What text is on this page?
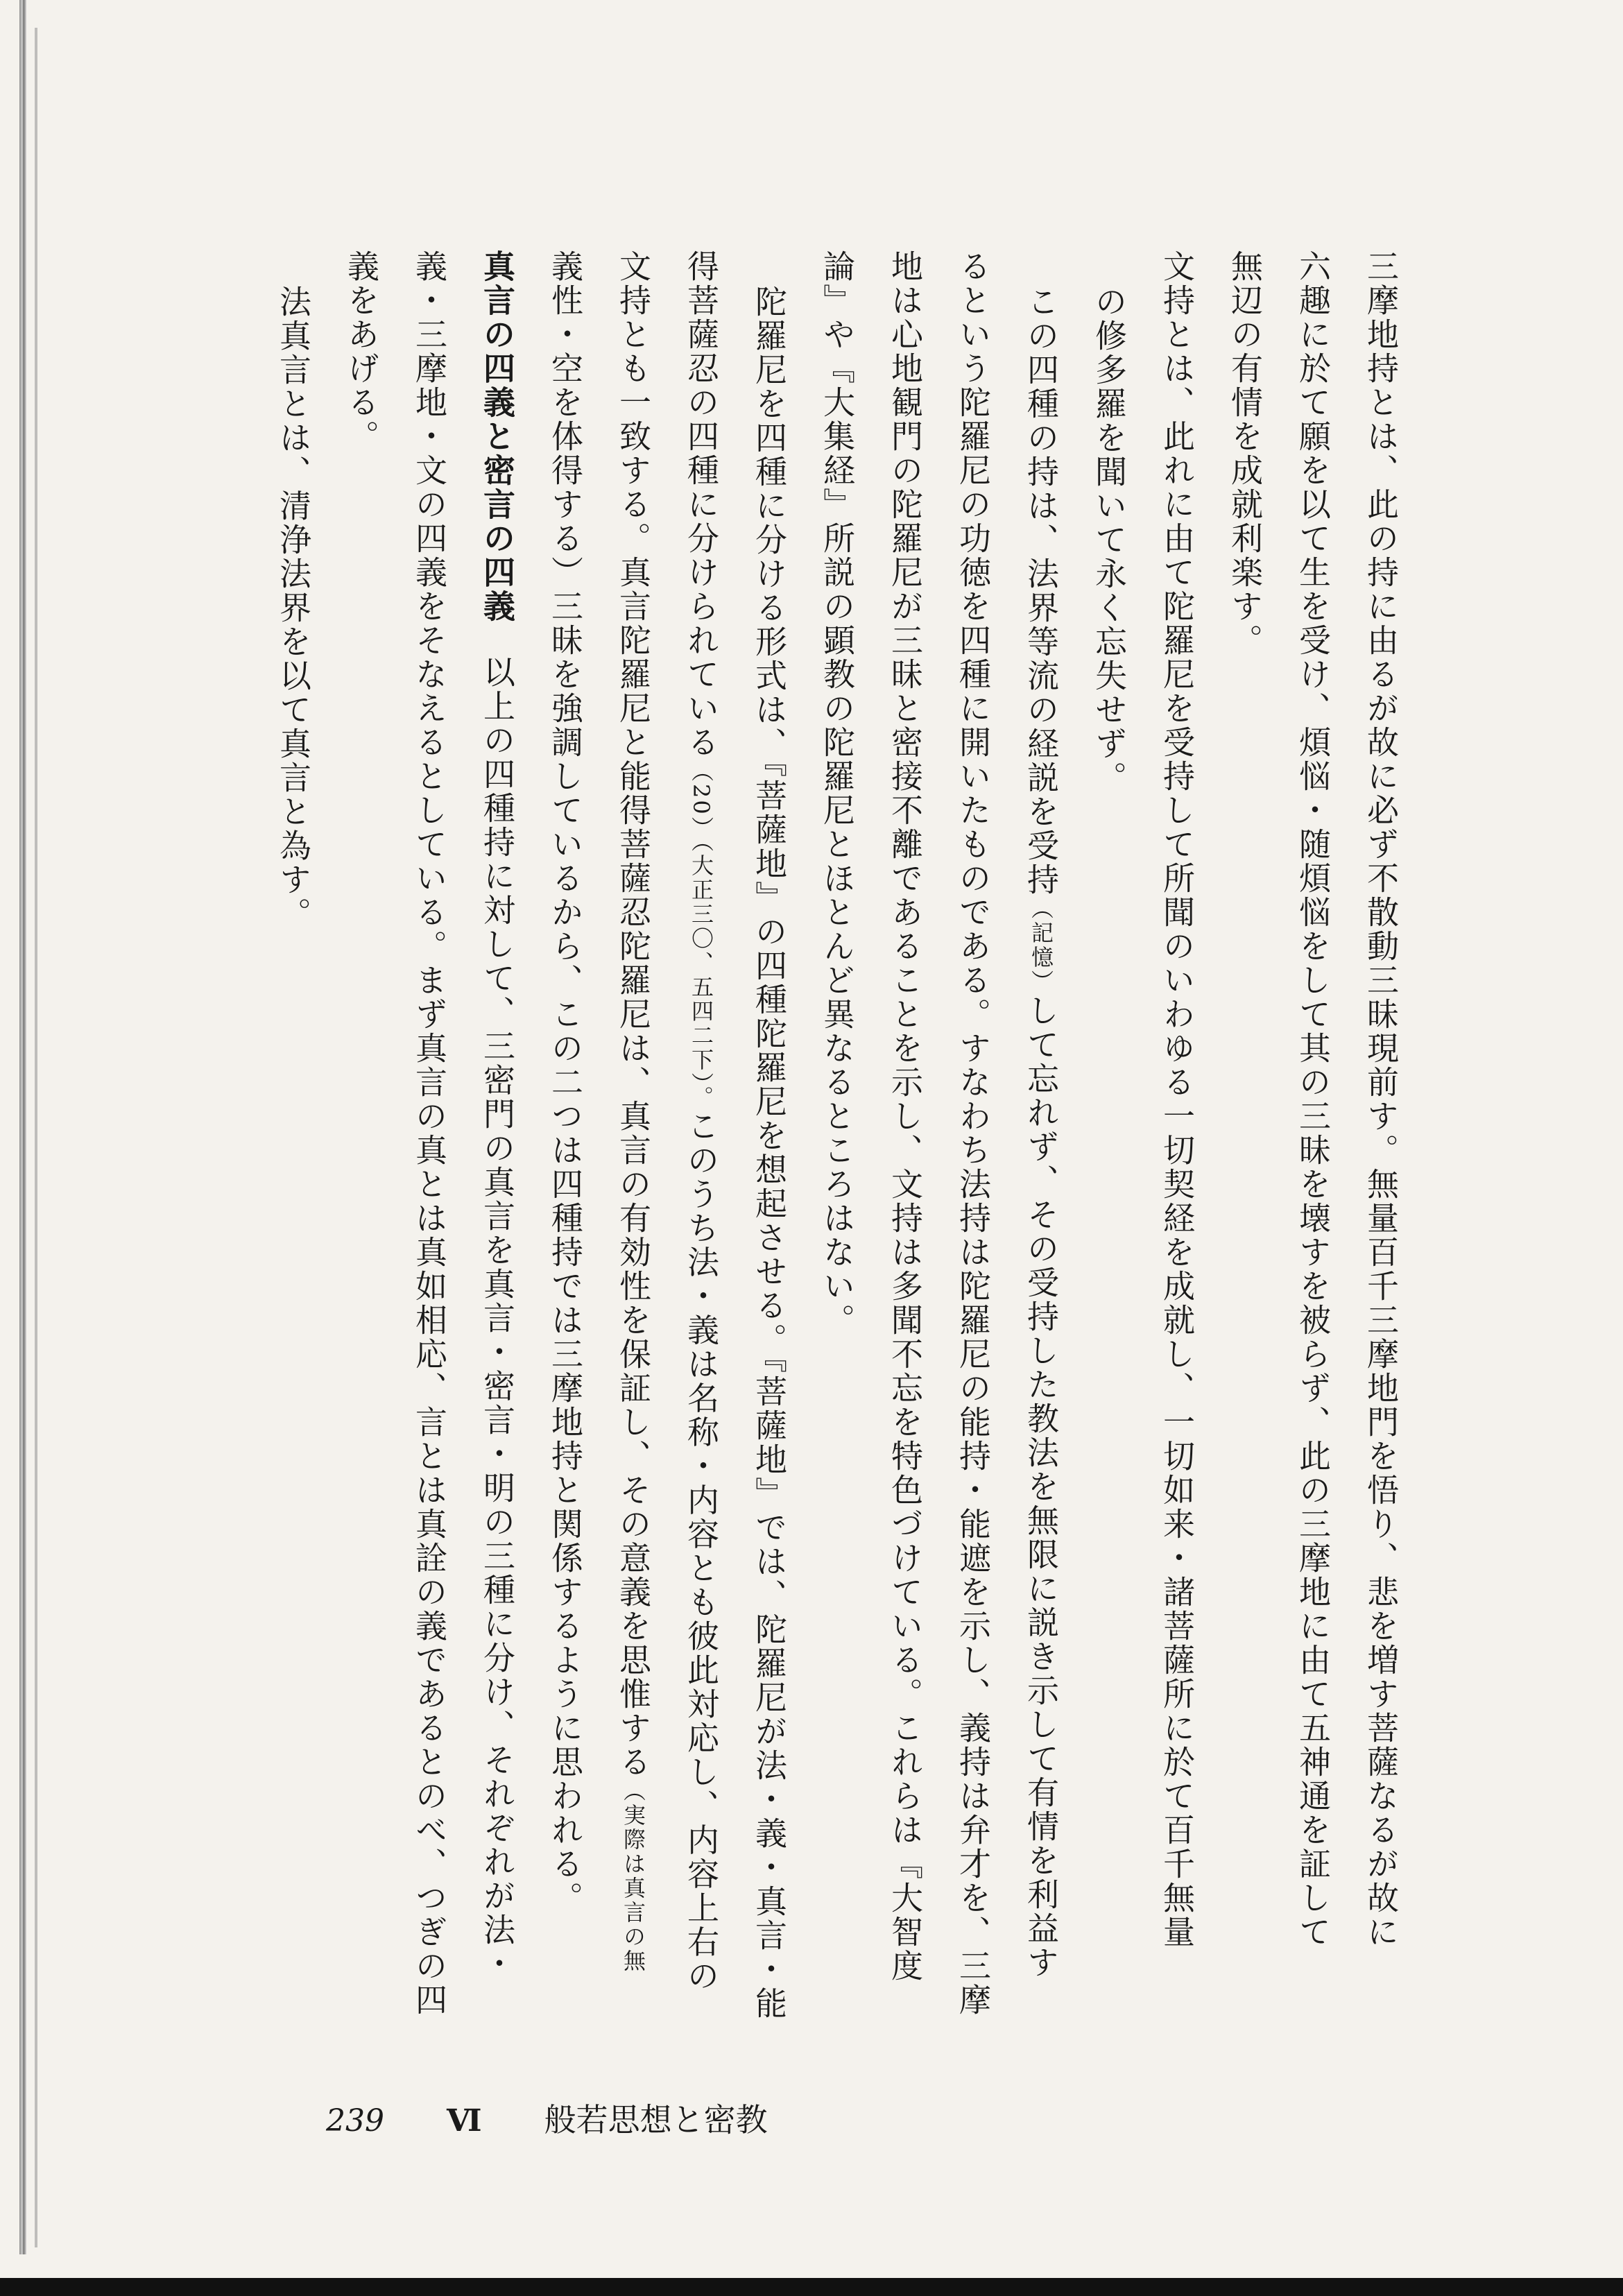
三摩地持とは、此の持に由るが故に必ず不散動三昧現前す。無量百千三摩地門を悟り、悲を増す菩薩なるが故に

六趣に於て願を以て生を受け、煩悩・随煩悩をして其の三昧を壊すを被らず、此の三摩地に由て五神通を証して

無辺の有情を成就利楽す。

文持とは、此れに由て陀羅尼を受持して所聞のいわゆる一切契経を成就し、一切如来・諸菩薩所に於て百千無量

の修多羅を聞いて永く忘失せず。

この四種の持は、法界等流の経説を受持（記憶）して忘れず、その受持した教法を無限に説き示して有情を利益す

るという陀羅尼の功徳を四種に開いたものである。すなわち法持は陀羅尼の能持・能遮を示し、義持は弁才を、三摩

地は心地観門の陀羅尼が三昧と密接不離であることを示し、文持は多聞不忘を特色づけている。これらは『大智度

論』や『大集経』所説の顕教の陀羅尼とほとんど異なるところはない。

陀羅尼を四種に分ける形式は、『菩薩地』の四種陀羅尼を想起させる。『菩薩地』では、陀羅尼が法・義・真言・能

得菩薩忍の四種に分けられている（20）（大正三〇、五四二下）。このうち法・義は名称・内容とも彼此対応し、内容上右の

文持とも一致する。真言陀羅尼と能得菩薩忍陀羅尼は、真言の有効性を保証し、その意義を思惟する（実際は真言の無

義性・空を体得する）三昧を強調しているから、この二つは四種持では三摩地持と関係するように思われる。

真言の四義と密言の四義以上の四種持に対して、三密門の真言を真言・密言・明の三種に分け、それぞれが法・

義・三摩地・文の四義をそなえるとしている。まず真言の真とは真如相応、言とは真詮の義であるとのべ、つぎの四

義をあげる。

法真言とは、清浄法界を以て真言と為す。

239 Ⅵ 般若思想と密教
